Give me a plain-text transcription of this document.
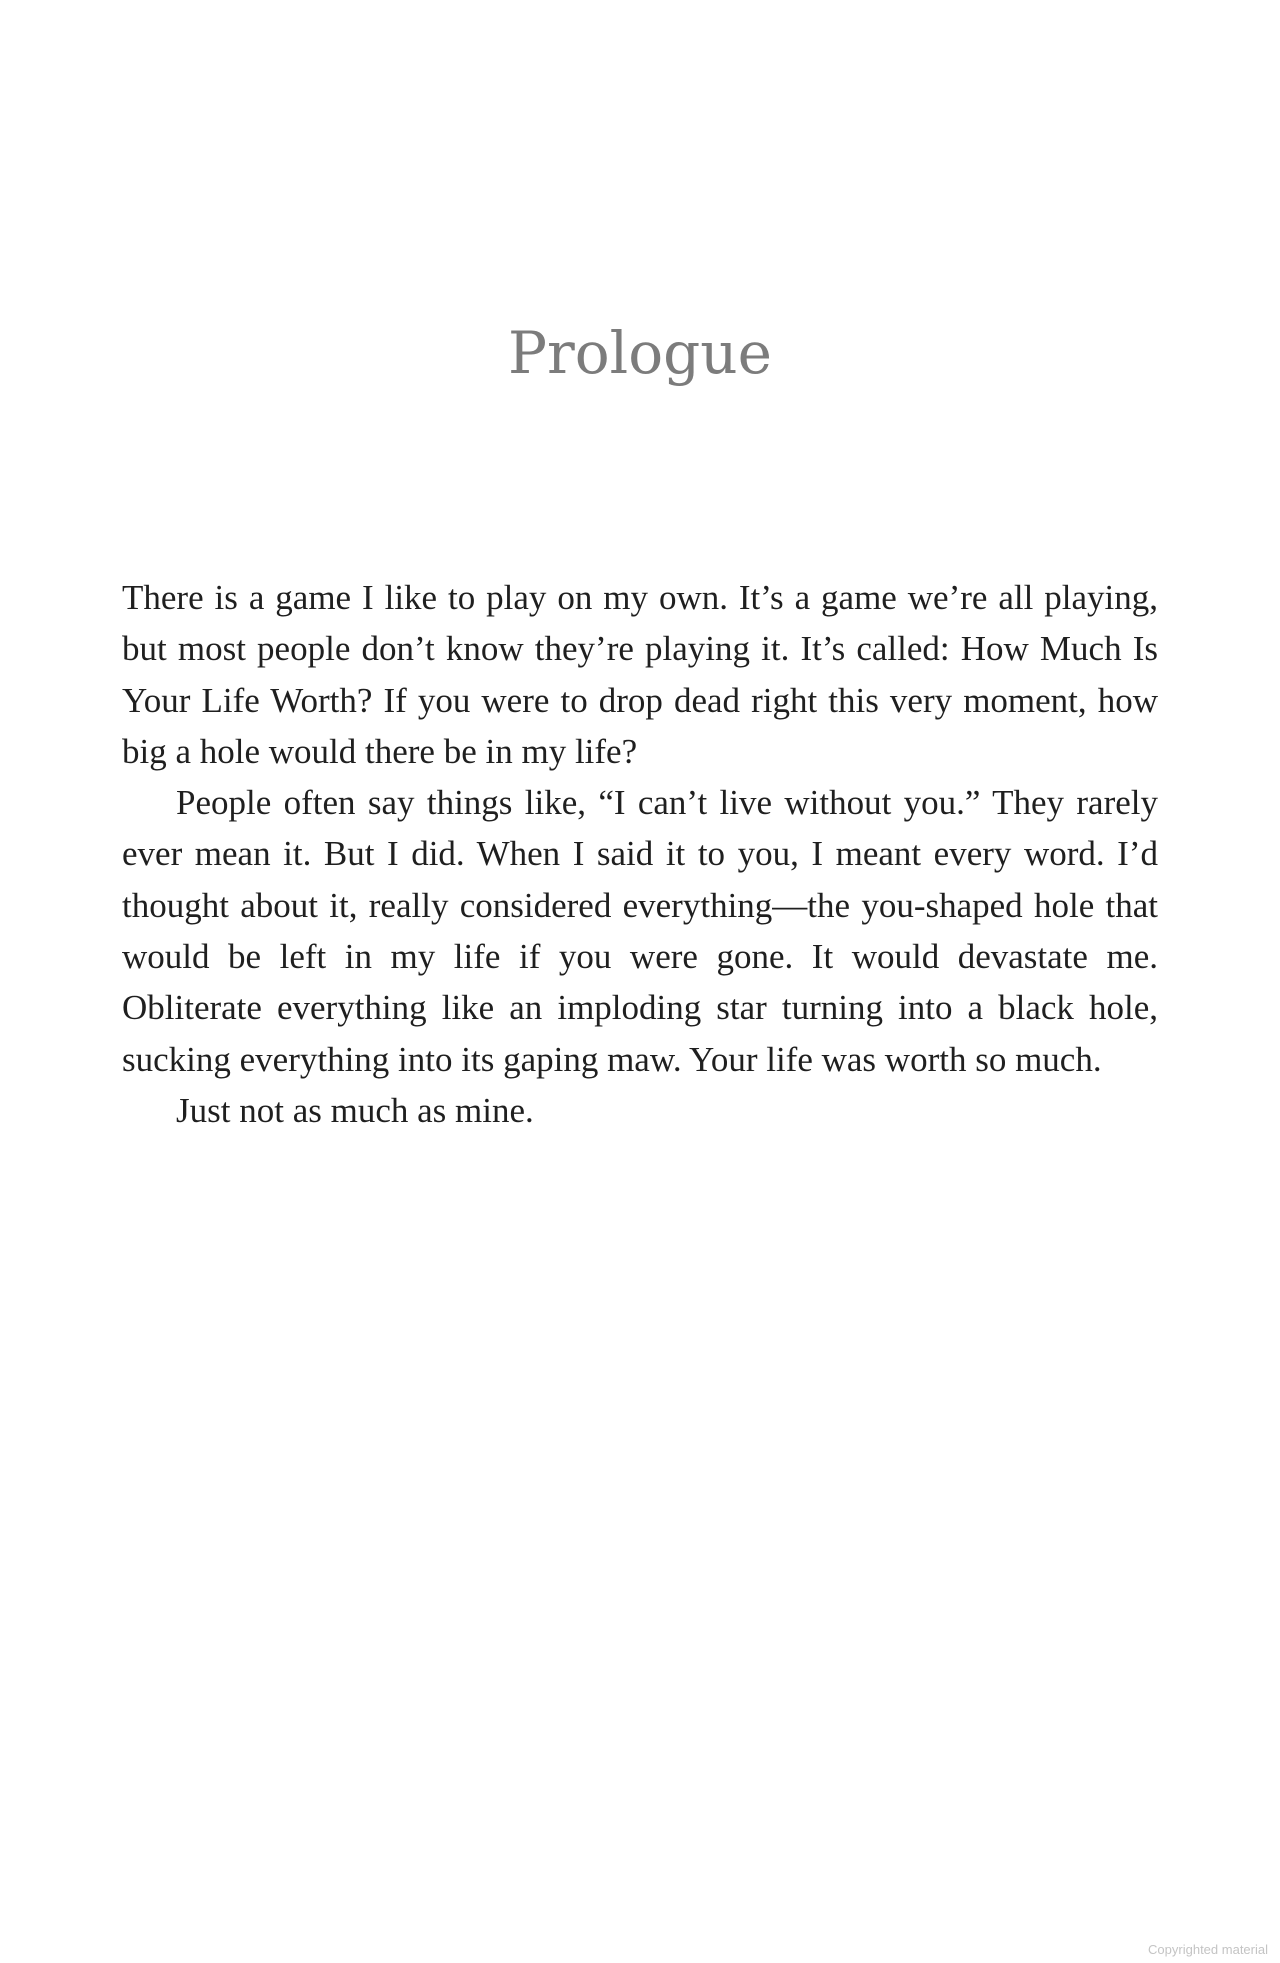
Prologue

There is a game I like to play on my own. It’s a game we’re all playing, but most people don’t know they’re playing it. It’s called: How Much Is Your Life Worth? If you were to drop dead right this very moment, how big a hole would there be in my life?

People often say things like, “I can’t live without you.” They rarely ever mean it. But I did. When I said it to you, I meant every word. I’d thought about it, really considered everything—the you-shaped hole that would be left in my life if you were gone. It would devastate me. Obliterate everything like an imploding star turning into a black hole, sucking everything into its gaping maw. Your life was worth so much.

Just not as much as mine.

Copyrighted material
